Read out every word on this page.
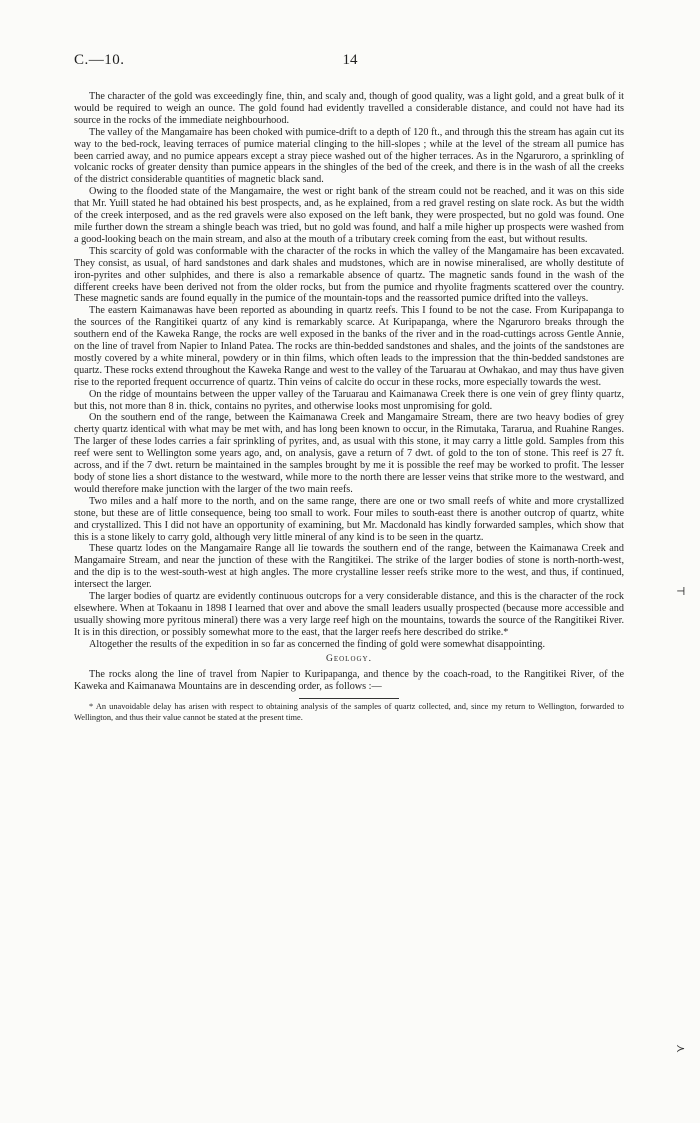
C.—10.	14

The character of the gold was exceedingly fine, thin, and scaly and, though of good quality, was a light gold, and a great bulk of it would be required to weigh an ounce. The gold found had evidently travelled a considerable distance, and could not have had its source in the rocks of the immediate neighbourhood.

The valley of the Mangamaire has been choked with pumice-drift to a depth of 120 ft., and through this the stream has again cut its way to the bed-rock, leaving terraces of pumice material clinging to the hill-slopes ; while at the level of the stream all pumice has been carried away, and no pumice appears except a stray piece washed out of the higher terraces. As in the Ngaruroro, a sprinkling of volcanic rocks of greater density than pumice appears in the shingles of the bed of the creek, and there is in the wash of all the creeks of the district considerable quantities of magnetic black sand.

Owing to the flooded state of the Mangamaire, the west or right bank of the stream could not be reached, and it was on this side that Mr. Yuill stated he had obtained his best prospects, and, as he explained, from a red gravel resting on slate rock. As but the width of the creek interposed, and as the red gravels were also exposed on the left bank, they were prospected, but no gold was found. One mile further down the stream a shingle beach was tried, but no gold was found, and half a mile higher up prospects were washed from a good-looking beach on the main stream, and also at the mouth of a tributary creek coming from the east, but without results.

This scarcity of gold was conformable with the character of the rocks in which the valley of the Mangamaire has been excavated. They consist, as usual, of hard sandstones and dark shales and mudstones, which are in nowise mineralised, are wholly destitute of iron-pyrites and other sulphides, and there is also a remarkable absence of quartz. The magnetic sands found in the wash of the different creeks have been derived not from the older rocks, but from the pumice and rhyolite fragments scattered over the country. These magnetic sands are found equally in the pumice of the mountain-tops and the reassorted pumice drifted into the valleys.

The eastern Kaimanawas have been reported as abounding in quartz reefs. This I found to be not the case. From Kuripapanga to the sources of the Rangitikei quartz of any kind is remarkably scarce. At Kuripapanga, where the Ngaruroro breaks through the southern end of the Kaweka Range, the rocks are well exposed in the banks of the river and in the road-cuttings across Gentle Annie, on the line of travel from Napier to Inland Patea. The rocks are thin-bedded sandstones and shales, and the joints of the sandstones are mostly covered by a white mineral, powdery or in thin films, which often leads to the impression that the thin-bedded sandstones are quartz. These rocks extend throughout the Kaweka Range and west to the valley of the Taruarau at Owhakao, and may thus have given rise to the reported frequent occurrence of quartz. Thin veins of calcite do occur in these rocks, more especially towards the west.

On the ridge of mountains between the upper valley of the Taruarau and Kaimanawa Creek there is one vein of grey flinty quartz, but this, not more than 8 in. thick, contains no pyrites, and otherwise looks most unpromising for gold.

On the southern end of the range, between the Kaimanawa Creek and Mangamaire Stream, there are two heavy bodies of grey cherty quartz identical with what may be met with, and has long been known to occur, in the Rimutaka, Tararua, and Ruahine Ranges. The larger of these lodes carries a fair sprinkling of pyrites, and, as usual with this stone, it may carry a little gold. Samples from this reef were sent to Wellington some years ago, and, on analysis, gave a return of 7 dwt. of gold to the ton of stone. This reef is 27 ft. across, and if the 7 dwt. return be maintained in the samples brought by me it is possible the reef may be worked to profit. The lesser body of stone lies a short distance to the westward, while more to the north there are lesser veins that strike more to the westward, and would therefore make junction with the larger of the two main reefs.

Two miles and a half more to the north, and on the same range, there are one or two small reefs of white and more crystallized stone, but these are of little consequence, being too small to work. Four miles to south-east there is another outcrop of quartz, white and crystallized. This I did not have an opportunity of examining, but Mr. Macdonald has kindly forwarded samples, which show that this is a stone likely to carry gold, although very little mineral of any kind is to be seen in the quartz.

These quartz lodes on the Mangamaire Range all lie towards the southern end of the range, between the Kaimanawa Creek and Mangamaire Stream, and near the junction of these with the Rangitikei. The strike of the larger bodies of stone is north-north-west, and the dip is to the west-south-west at high angles. The more crystalline lesser reefs strike more to the west, and thus, if continued, intersect the larger.

The larger bodies of quartz are evidently continuous outcrops for a very considerable distance, and this is the character of the rock elsewhere. When at Tokaanu in 1898 I learned that over and above the small leaders usually prospected (because more accessible and usually showing more pyritous mineral) there was a very large reef high on the mountains, towards the source of the Rangitikei River. It is in this direction, or possibly somewhat more to the east, that the larger reefs here described do strike.*

Altogether the results of the expedition in so far as concerned the finding of gold were somewhat disappointing.

Geology.

The rocks along the line of travel from Napier to Kuripapanga, and thence by the coach-road, to the Rangitikei River, of the Kaweka and Kaimanawa Mountains are in descending order, as follows :—

* An unavoidable delay has arisen with respect to obtaining analysis of the samples of quartz collected, and, since my return to Wellington, forwarded to Wellington, and thus their value cannot be stated at the present time.

⊣
≻
